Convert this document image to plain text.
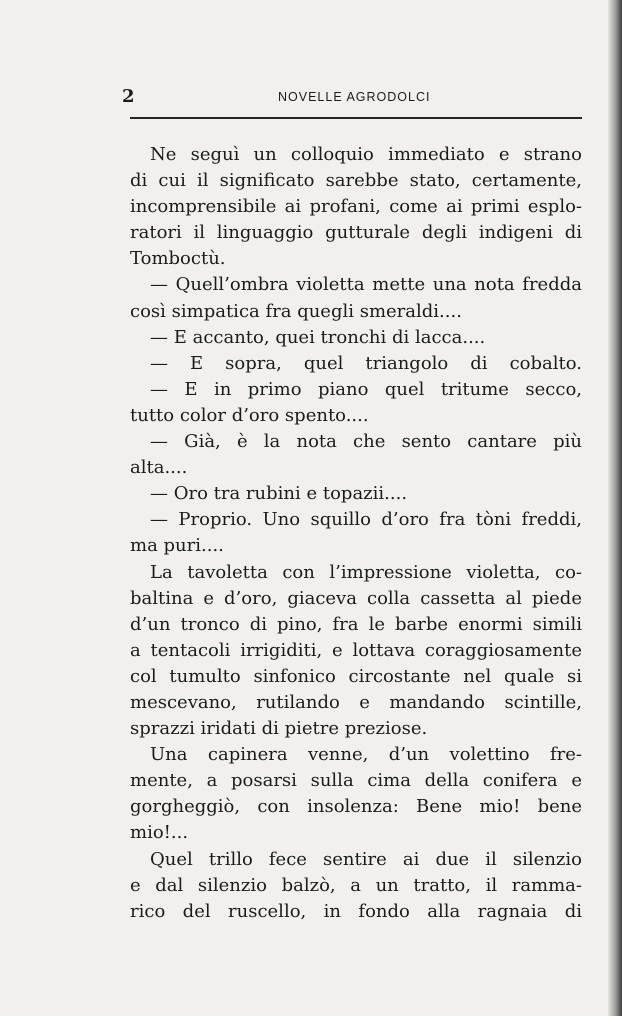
2	NOVELLE AGRODOLCI
Ne seguì un colloquio immediato e strano
di cui il significato sarebbe stato, certamente,
incomprensibile ai profani, come ai primi esplo-
ratori il linguaggio gutturale degli indigeni di
Tomboctù.
— Quell’ombra violetta mette una nota fredda
così simpatica fra quegli smeraldi....
— E accanto, quei tronchi di lacca....
— E sopra, quel triangolo di cobalto.
— E in primo piano quel tritume secco,
tutto color d’oro spento....
— Già, è la nota che sento cantare più
alta....
— Oro tra rubini e topazii....
— Proprio. Uno squillo d’oro fra tòni freddi,
ma puri....
La tavoletta con l’impressione violetta, co-
baltina e d’oro, giaceva colla cassetta al piede
d’un tronco di pino, fra le barbe enormi simili
a tentacoli irrigiditi, e lottava coraggiosamente
col tumulto sinfonico circostante nel quale si
mescevano, rutilando e mandando scintille,
sprazzi iridati di pietre preziose.
Una capinera venne, d’un volettino fre-
mente, a posarsi sulla cima della conifera e
gorgheggiò, con insolenza: Bene mio! bene
mio!...
Quel trillo fece sentire ai due il silenzio
e dal silenzio balzò, a un tratto, il ramma-
rico del ruscello, in fondo alla ragnaia di
